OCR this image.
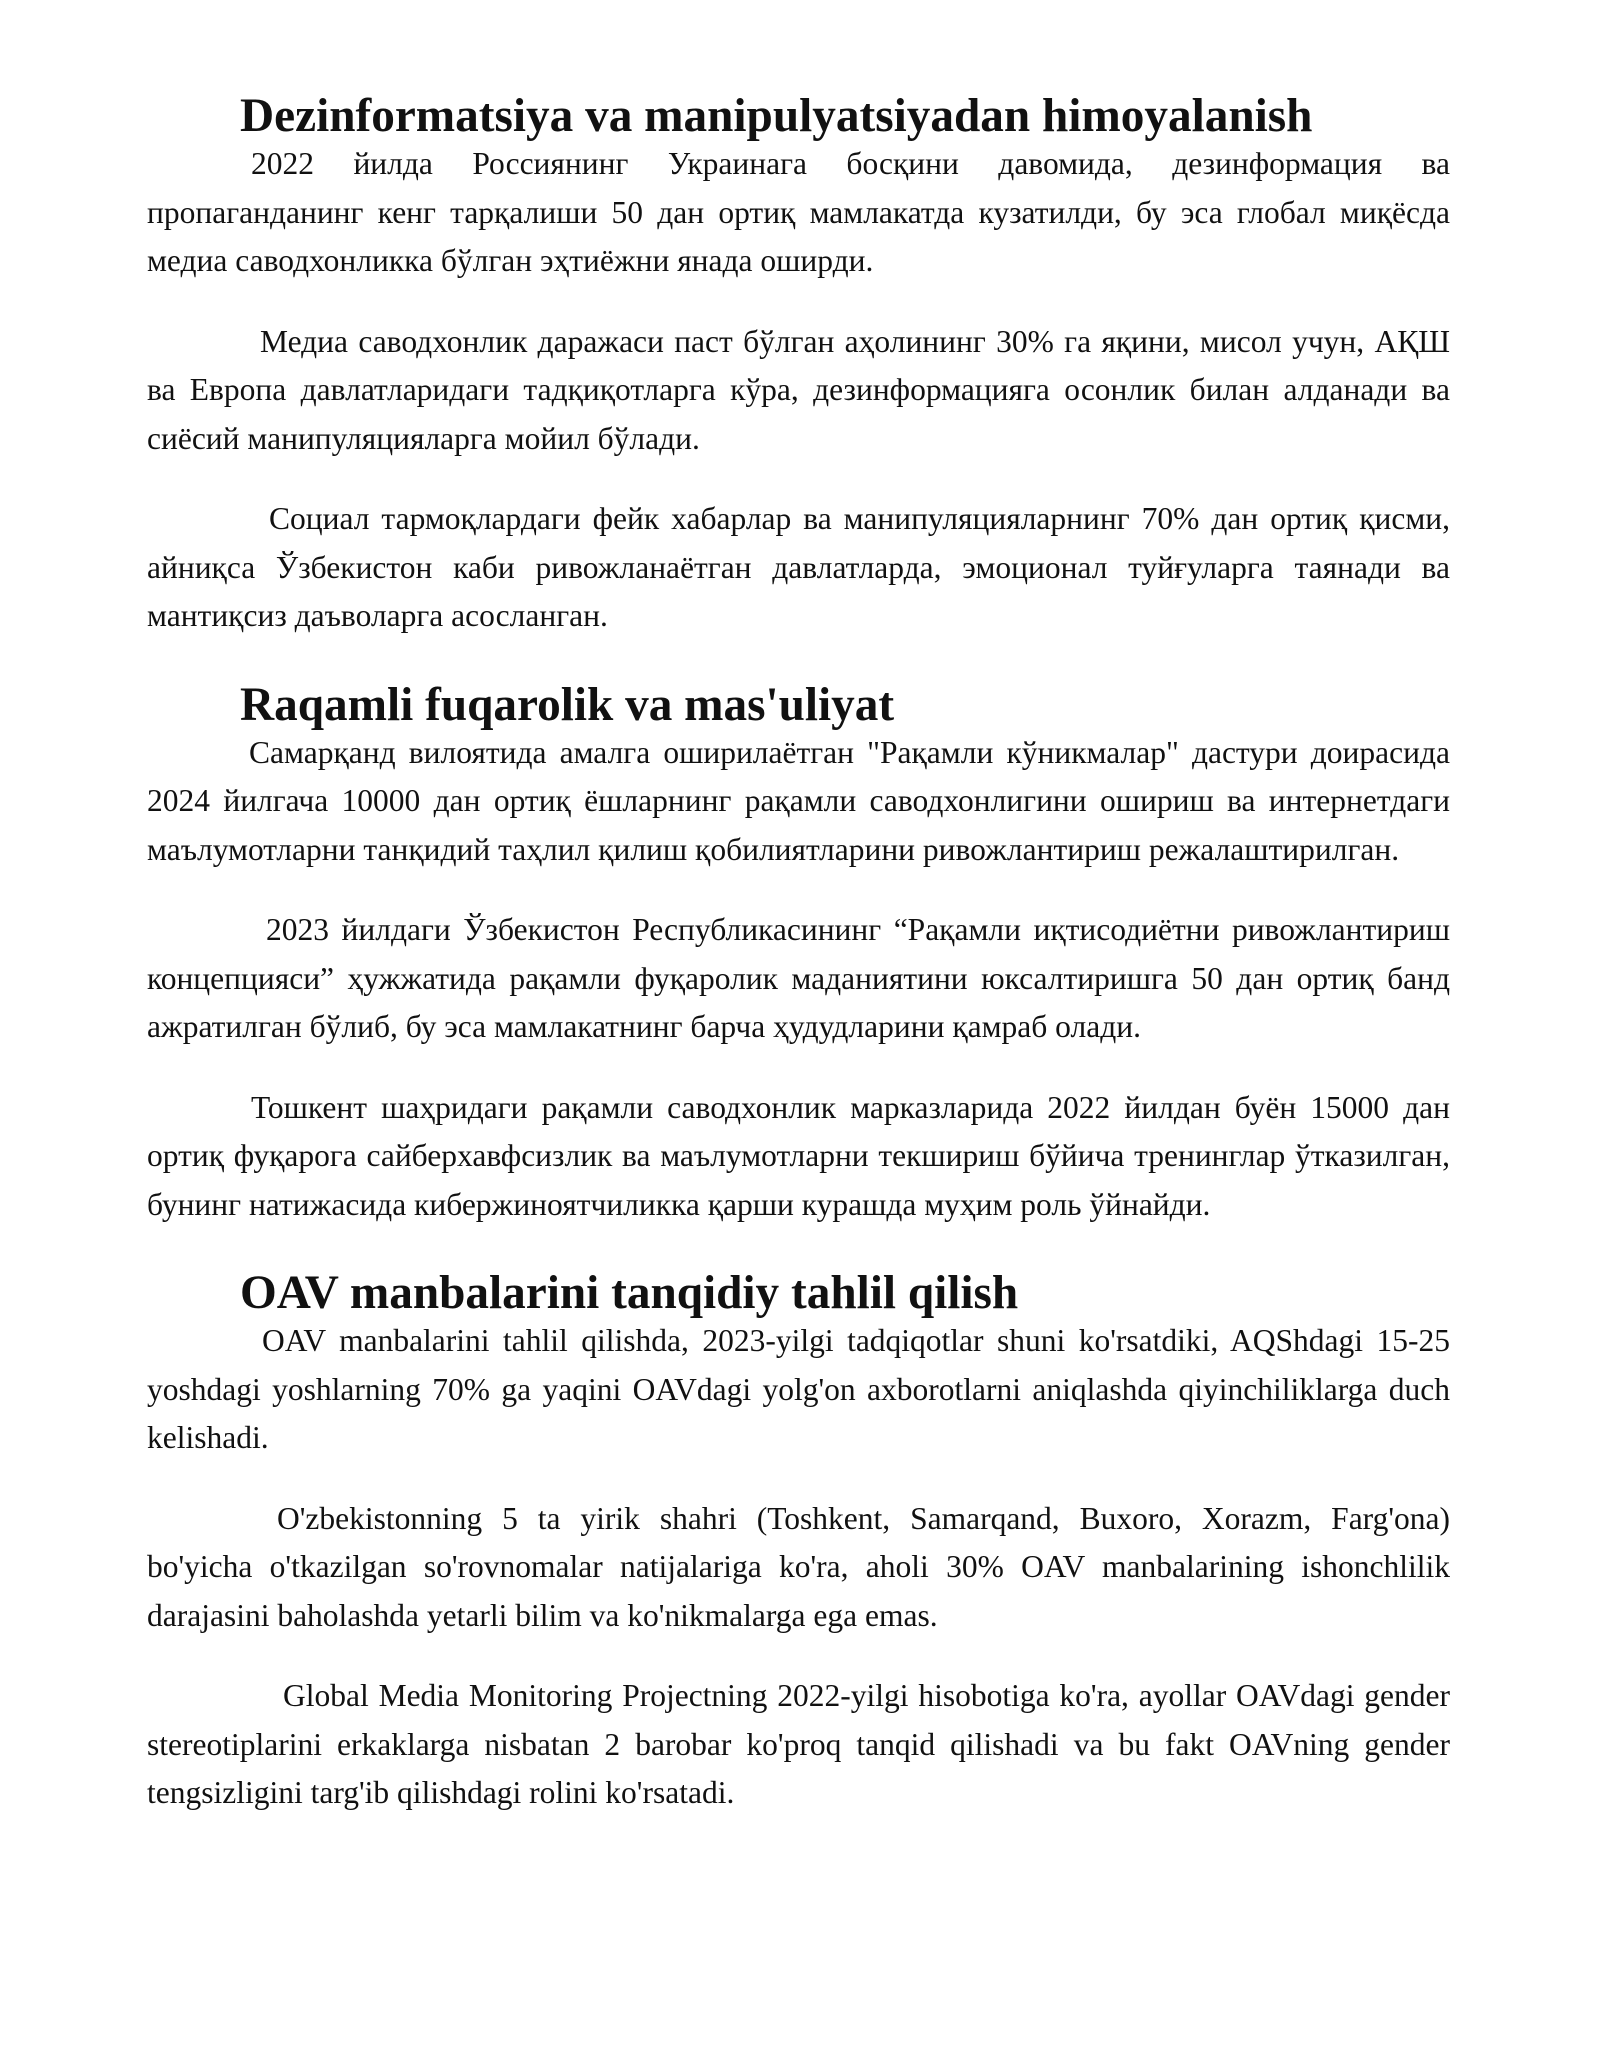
Dezinformatsiya va manipulyatsiyadan himoyalanish

2022 йилда Россиянинг Украинага босқини давомида, дезинформация ва пропаганданинг кенг тарқалиши 50 дан ортиқ мамлакатда кузатилди, бу эса глобал миқёсда медиа саводхонликка бўлган эҳтиёжни янада оширди.

Медиа саводхонлик даражаси паст бўлган аҳолининг 30% га яқини, мисол учун, АҚШ ва Европа давлатларидаги тадқиқотларга кўра, дезинформацияга осонлик билан алданади ва сиёсий манипуляцияларга мойил бўлади.

Социал тармоқлардаги фейк хабарлар ва манипуляцияларнинг 70% дан ортиқ қисми, айниқса Ўзбекистон каби ривожланаётган давлатларда, эмоционал туйғуларга таянади ва мантиқсиз даъволарга асосланган.

Raqamli fuqarolik va mas'uliyat

Самарқанд вилоятида амалга оширилаётган "Рақамли кўникмалар" дастури доирасида 2024 йилгача 10000 дан ортиқ ёшларнинг рақамли саводхонлигини ошириш ва интернетдаги маълумотларни танқидий таҳлил қилиш қобилиятларини ривожлантириш режалаштирилган.

2023 йилдаги Ўзбекистон Республикасининг “Рақамли иқтисодиётни ривожлантириш концепцияси” ҳужжатида рақамли фуқаролик маданиятини юксалтиришга 50 дан ортиқ банд ажратилган бўлиб, бу эса мамлакатнинг барча ҳудудларини қамраб олади.

Тошкент шаҳридаги рақамли саводхонлик марказларида 2022 йилдан буён 15000 дан ортиқ фуқарога сайберхавфсизлик ва маълумотларни текшириш бўйича тренинглар ўтказилган, бунинг натижасида кибержиноятчиликка қарши курашда муҳим роль ўйнайди.

OAV manbalarini tanqidiy tahlil qilish

OAV manbalarini tahlil qilishda, 2023-yilgi tadqiqotlar shuni ko'rsatdiki, AQShdagi 15-25 yoshdagi yoshlarning 70% ga yaqini OAVdagi yolg'on axborotlarni aniqlashda qiyinchiliklarga duch kelishadi.

O'zbekistonning 5 ta yirik shahri (Toshkent, Samarqand, Buxoro, Xorazm, Farg'ona) bo'yicha o'tkazilgan so'rovnomalar natijalariga ko'ra, aholi 30% OAV manbalarining ishonchlilik darajasini baholashda yetarli bilim va ko'nikmalarga ega emas.

Global Media Monitoring Projectning 2022-yilgi hisobotiga ko'ra, ayollar OAVdagi gender stereotiplarini erkaklarga nisbatan 2 barobar ko'proq tanqid qilishadi va bu fakt OAVning gender tengsizligini targ'ib qilishdagi rolini ko'rsatadi.
